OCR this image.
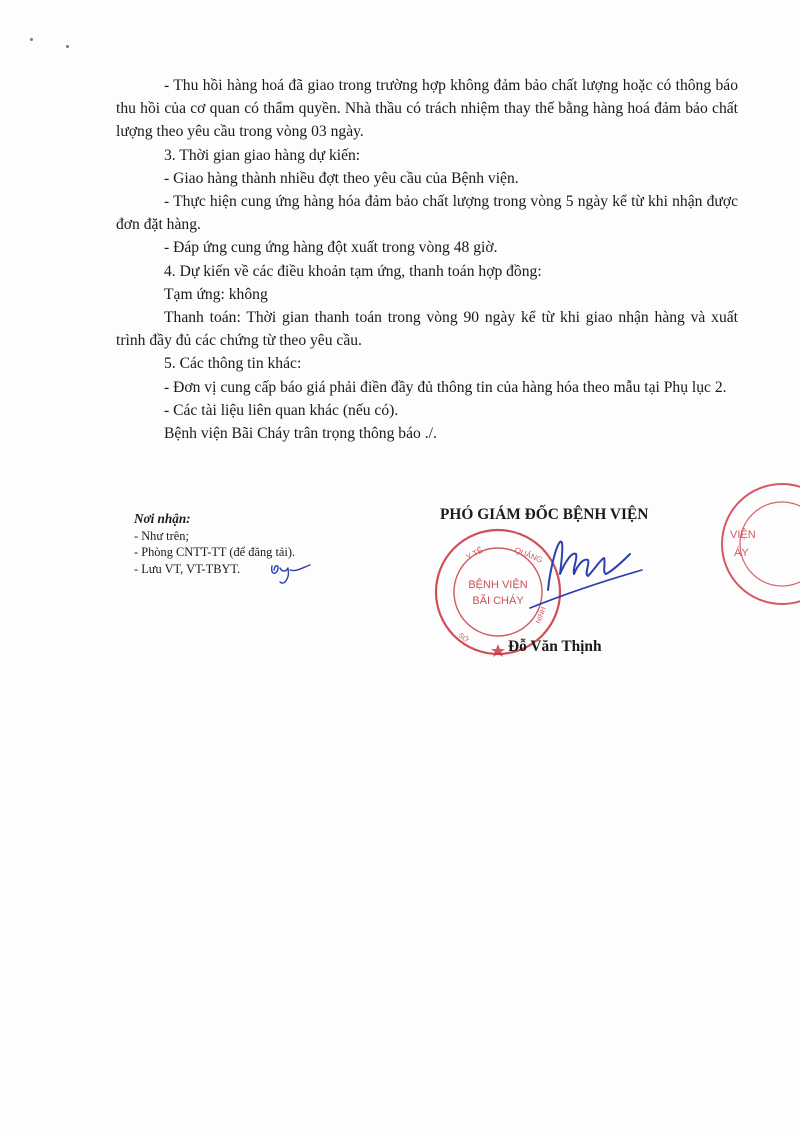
- Thu hồi hàng hoá đã giao trong trường hợp không đảm bảo chất lượng hoặc có thông báo thu hồi của cơ quan có thẩm quyền. Nhà thầu có trách nhiệm thay thế bằng hàng hoá đảm bảo chất lượng theo yêu cầu trong vòng 03 ngày.

3. Thời gian giao hàng dự kiến:

- Giao hàng thành nhiều đợt theo yêu cầu của Bệnh viện.

- Thực hiện cung ứng hàng hóa đảm bảo chất lượng trong vòng 5 ngày kể từ khi nhận được đơn đặt hàng.

- Đáp ứng cung ứng hàng đột xuất trong vòng 48 giờ.

4. Dự kiến về các điều khoản tạm ứng, thanh toán hợp đồng:

Tạm ứng: không

Thanh toán: Thời gian thanh toán trong vòng 90 ngày kể từ khi giao nhận hàng và xuất trình đầy đủ các chứng từ theo yêu cầu.

5. Các thông tin khác:

- Đơn vị cung cấp báo giá phải điền đầy đủ thông tin của hàng hóa theo mẫu tại Phụ lục 2.

- Các tài liệu liên quan khác (nếu có).

Bệnh viện Bãi Cháy trân trọng thông báo ./.

Nơi nhận:
- Như trên;
- Phòng CNTT-TT (để đăng tải).
- Lưu VT, VT-TBYT.
PHÓ GIÁM ĐỐC BỆNH VIỆN
Y TẾ	QUẢNG
NINH
SỞ
BỆNH VIỆN
BÃI CHÁY
VIỆN
ÁY
Đỗ Văn Thịnh
